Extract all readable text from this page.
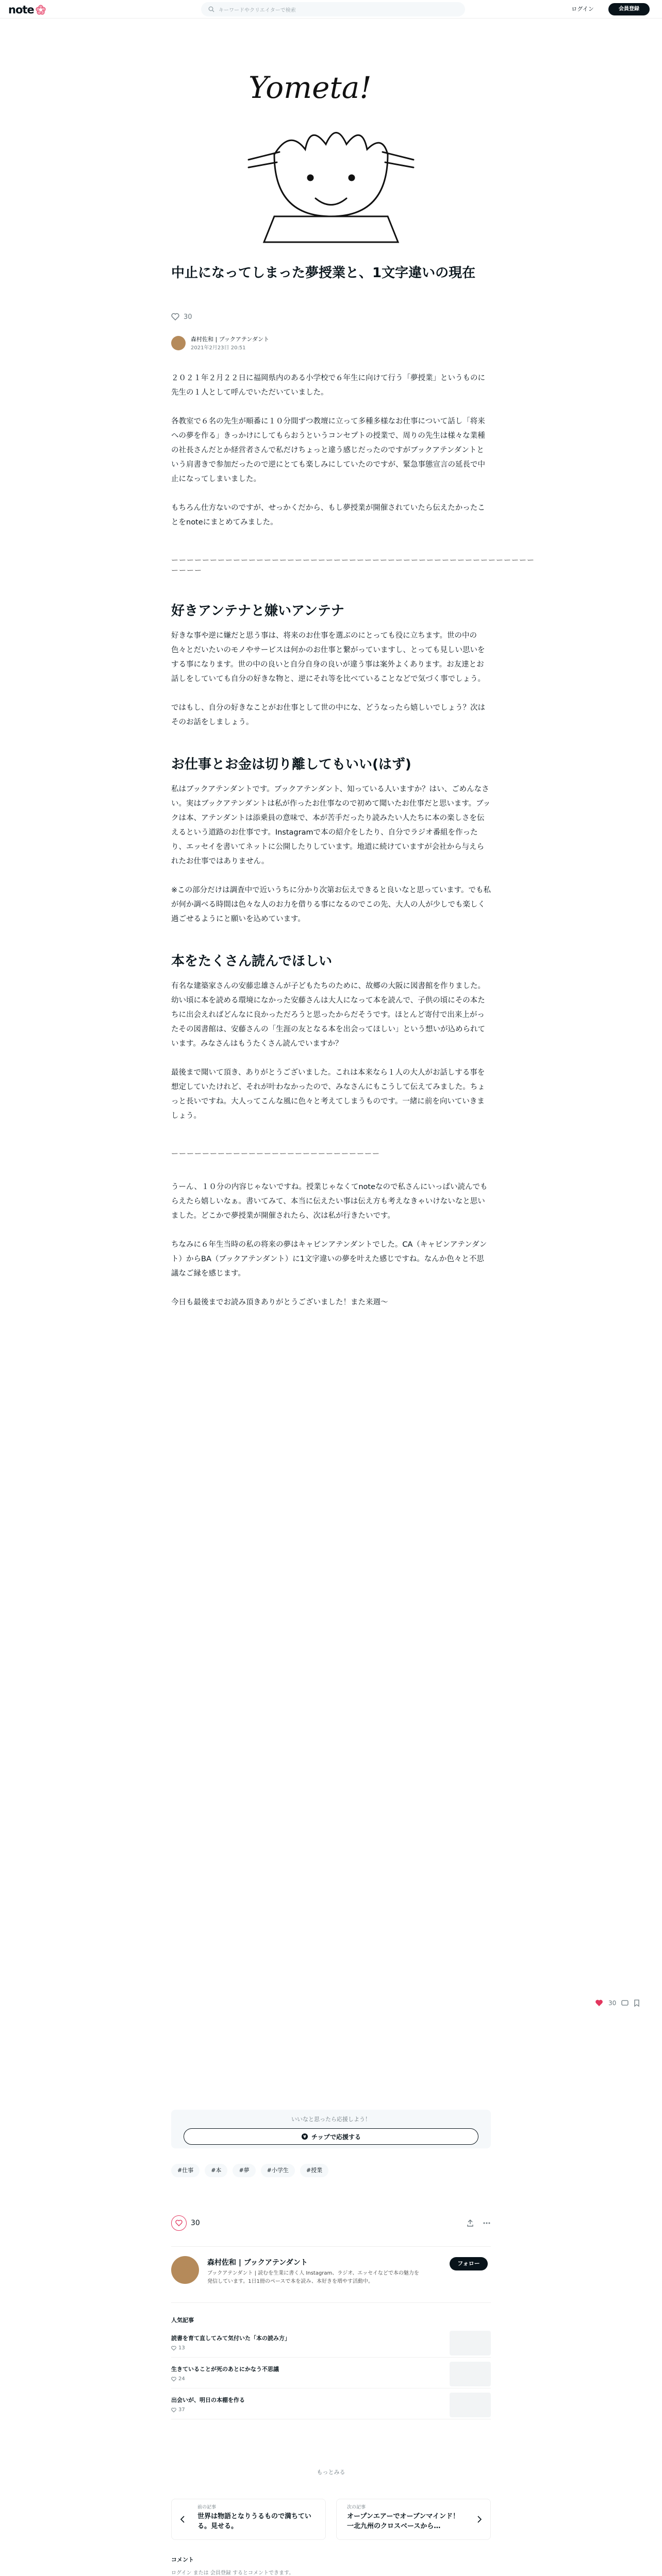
note	キーワードやクリエイターで検索	ログイン	会員登録
Yometa!
中止になってしまった夢授業と、1文字違いの現在
30
森村佐和 | ブックアテンダント
2021年2月23日 20:51

２０２１年２月２２日に福岡県内のある小学校で６年生に向けて行う「夢授業」というものに先生の１人として呼んでいただいていました。

各教室で６名の先生が順番に１０分間ずつ教壇に立って多種多様なお仕事について話し「将来への夢を作る」きっかけにしてもらおうというコンセプトの授業で、周りの先生は様々な業種の社長さんだとか経営者さんで私だけちょっと違う感じだったのですがブックアテンダントという肩書きで参加だったので逆にとても楽しみにしていたのですが、緊急事態宣言の延長で中止になってしまいました。

もちろん仕方ないのですが、せっかくだから、もし夢授業が開催されていたら伝えたかったことをnoteにまとめてみました。

ーーーーーーーーーーーーーーーーーーーーーーーーーーーーーーーーーーーーーーーーーーーーーーー
ーーーー
好きアンテナと嫌いアンテナ

好きな事や逆に嫌だと思う事は、将来のお仕事を選ぶのにとっても役に立ちます。世の中の色々とだいたいのモノやサービスは何かのお仕事と繋がっていますし、とっても見しい思いをする事になります。世の中の良いと自分自身の良いが違う事は案外よくあります。お友達とお話しをしていても自分の好きな物と、逆にそれ等を比べていることなどで気づく事でしょう。

ではもし、自分の好きなことがお仕事として世の中にな、どうなったら嬉しいでしょう？次はそのお話をしましょう。

お仕事とお金は切り離してもいい(はず)

私はブックアテンダントです。ブックアテンダント、知っている人いますか？はい、ごめんなさい。実はブックアテンダントは私が作ったお仕事なので初めて聞いたお仕事だと思います。ブックは本、アテンダントは添乗員の意味で、本が苦手だったり読みたい人たちに本の楽しさを伝えるという道路のお仕事です。Instagramで本の紹介をしたり、自分でラジオ番組を作ったり、エッセイを書いてネットに公開したりしています。地道に続けていますが会社から与えられたお仕事ではありません。

※この部分だけは調査中で近いうちに分かり次第お伝えできると良いなと思っています。でも私が何か調べる時間は色々な人のお力を借りる事になるのでこの先、大人の人が少しでも楽しく過ごせるようにと願いを込めています。

本をたくさん読んでほしい

有名な建築家さんの安藤忠雄さんが子どもたちのために、故郷の大阪に図書館を作りました。幼い頃に本を読める環境になかった安藤さんは大人になって本を読んで、子供の頃にその本たちに出会えればどんなに良かっただろうと思ったからだそうです。ほとんど寄付で出来上がったその図書館は、安藤さんの「生涯の友となる本を出会ってほしい」という想いが込められています。みなさんはもうたくさん読んでいますか？

最後まで聞いて頂き、ありがとうございました。これは本来なら１人の大人がお話しする事を想定していたけれど、それが叶わなかったので、みなさんにもこうして伝えてみました。ちょっと長いですね。大人ってこんな風に色々と考えてしまうものです。一緒に前を向いていきましょう。

ーーーーーーーーーーーーーーーーーーーーーーーーーーー

うーん、１０分の内容じゃないですね。授業じゃなくてnoteなので私さんにいっぱい読んでもらえたら嬉しいなぁ。書いてみて、本当に伝えたい事は伝え方も考えなきゃいけないなと思いました。どこかで夢授業が開催されたら、次は私が行きたいです。

ちなみに６年生当時の私の将来の夢はキャビンアテンダントでした。CA（キャビンアテンダント）からBA（ブックアテンダント）に1文字違いの夢を叶えた感じですね。なんか色々と不思議なご縁を感じます。

今日も最後までお読み頂きありがとうございました！また来週〜

30
いいなと思ったら応援しよう！
¥ チップで応援する
#仕事	#本	#夢	#小学生	#授業
30
森村佐和 | ブックアテンダント
ブックアテンダント | 読むを生業に書く人 Instagram、ラジオ、エッセイなどで本の魅力を発信しています。1日1冊のペースで本を読み、本好きを増やす活動中。
フォロー
人気記事
読書を育て直してみて気付いた「本の読み方」
13
生きていることが死のあとにかなう不思議
24
出会いが、明日の本棚を作る
37
もっとみる
前の記事
世界は物語となりうるもので満ちている。見せる。
次の記事
オープンエアーでオーブンマインド！一北九州のクロスベースから…
コメント
ログイン または 会員登録 するとコメントできます。
